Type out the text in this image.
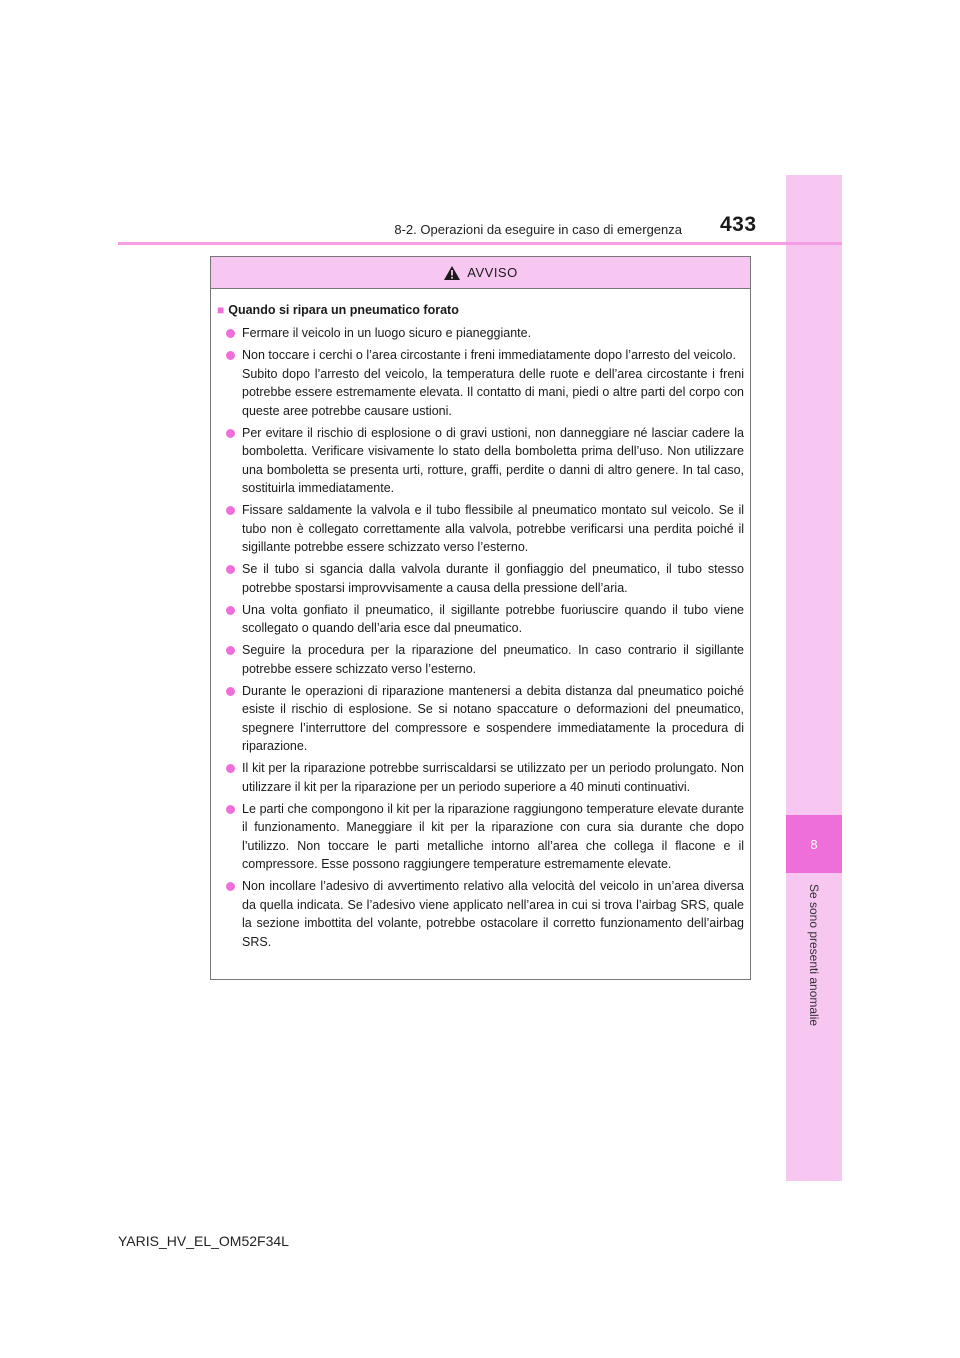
8
Se sono presenti anomalie
8-2. Operazioni da eseguire in caso di emergenza 433
AVVISO
■ Quando si ripara un pneumatico forato

Fermare il veicolo in un luogo sicuro e pianeggiante.

Non toccare i cerchi o l’area circostante i freni immediatamente dopo l’arresto del veicolo.

Subito dopo l’arresto del veicolo, la temperatura delle ruote e dell’area circostante i freni potrebbe essere estremamente elevata. Il contatto di mani, piedi o altre parti del corpo con queste aree potrebbe causare ustioni.

Per evitare il rischio di esplosione o di gravi ustioni, non danneggiare né lasciar cadere la bomboletta. Verificare visivamente lo stato della bomboletta prima dell’uso. Non utilizzare una bomboletta se presenta urti, rotture, graffi, perdite o danni di altro genere. In tal caso, sostituirla immediatamente.

Fissare saldamente la valvola e il tubo flessibile al pneumatico montato sul veicolo. Se il tubo non è collegato correttamente alla valvola, potrebbe verificarsi una perdita poiché il sigillante potrebbe essere schizzato verso l’esterno.

Se il tubo si sgancia dalla valvola durante il gonfiaggio del pneumatico, il tubo stesso potrebbe spostarsi improvvisamente a causa della pressione dell’aria.

Una volta gonfiato il pneumatico, il sigillante potrebbe fuoriuscire quando il tubo viene scollegato o quando dell’aria esce dal pneumatico.

Seguire la procedura per la riparazione del pneumatico. In caso contrario il sigillante potrebbe essere schizzato verso l’esterno.

Durante le operazioni di riparazione mantenersi a debita distanza dal pneumatico poiché esiste il rischio di esplosione. Se si notano spaccature o deformazioni del pneumatico, spegnere l’interruttore del compressore e sospendere immediatamente la procedura di riparazione.

Il kit per la riparazione potrebbe surriscaldarsi se utilizzato per un periodo prolungato. Non utilizzare il kit per la riparazione per un periodo superiore a 40 minuti continuativi.

Le parti che compongono il kit per la riparazione raggiungono temperature elevate durante il funzionamento. Maneggiare il kit per la riparazione con cura sia durante che dopo l’utilizzo. Non toccare le parti metalliche intorno all’area che collega il flacone e il compressore. Esse possono raggiungere temperature estremamente elevate.

Non incollare l’adesivo di avvertimento relativo alla velocità del veicolo in un’area diversa da quella indicata. Se l’adesivo viene applicato nell’area in cui si trova l’airbag SRS, quale la sezione imbottita del volante, potrebbe ostacolare il corretto funzionamento dell’airbag SRS.

YARIS_HV_EL_OM52F34L
